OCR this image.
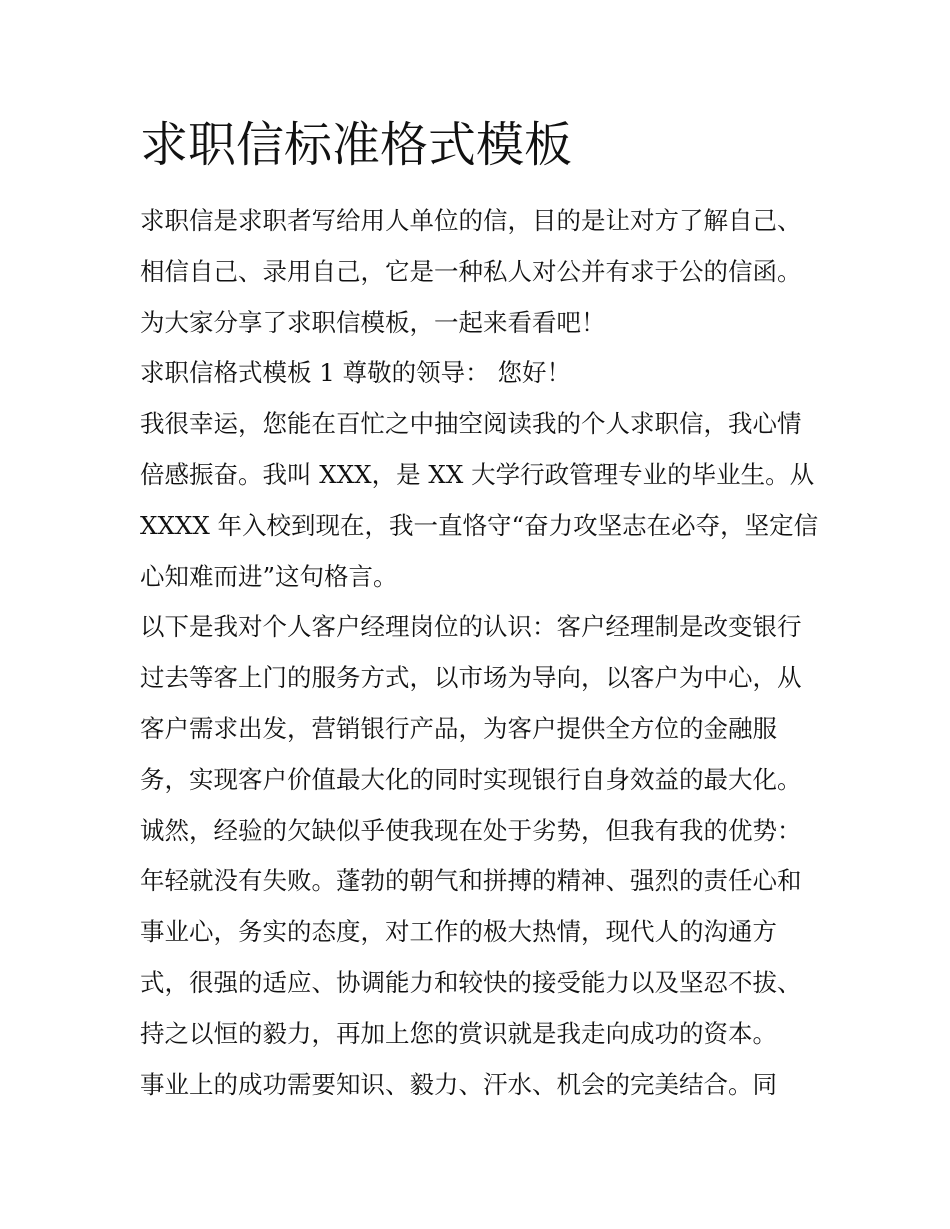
求职信标准格式模板
求职信是求职者写给用人单位的信，目的是让对方了解自己、
相信自己、录用自己，它是一种私人对公并有求于公的信函。
为大家分享了求职信模板，一起来看看吧！
求职信格式模板 1 尊敬的领导： 您好！
我很幸运，您能在百忙之中抽空阅读我的个人求职信，我心情
倍感振奋。我叫 XXX，是 XX 大学行政管理专业的毕业生。从
XXXX 年入校到现在，我一直恪守“奋力攻坚志在必夺，坚定信
心知难而进”这句格言。
以下是我对个人客户经理岗位的认识：客户经理制是改变银行
过去等客上门的服务方式，以市场为导向，以客户为中心，从
客户需求出发，营销银行产品，为客户提供全方位的金融服
务，实现客户价值最大化的同时实现银行自身效益的最大化。
诚然，经验的欠缺似乎使我现在处于劣势，但我有我的优势：
年轻就没有失败。蓬勃的朝气和拼搏的精神、强烈的责任心和
事业心，务实的态度，对工作的极大热情，现代人的沟通方
式，很强的适应、协调能力和较快的接受能力以及坚忍不拔、
持之以恒的毅力，再加上您的赏识就是我走向成功的资本。
事业上的成功需要知识、毅力、汗水、机会的完美结合。同
